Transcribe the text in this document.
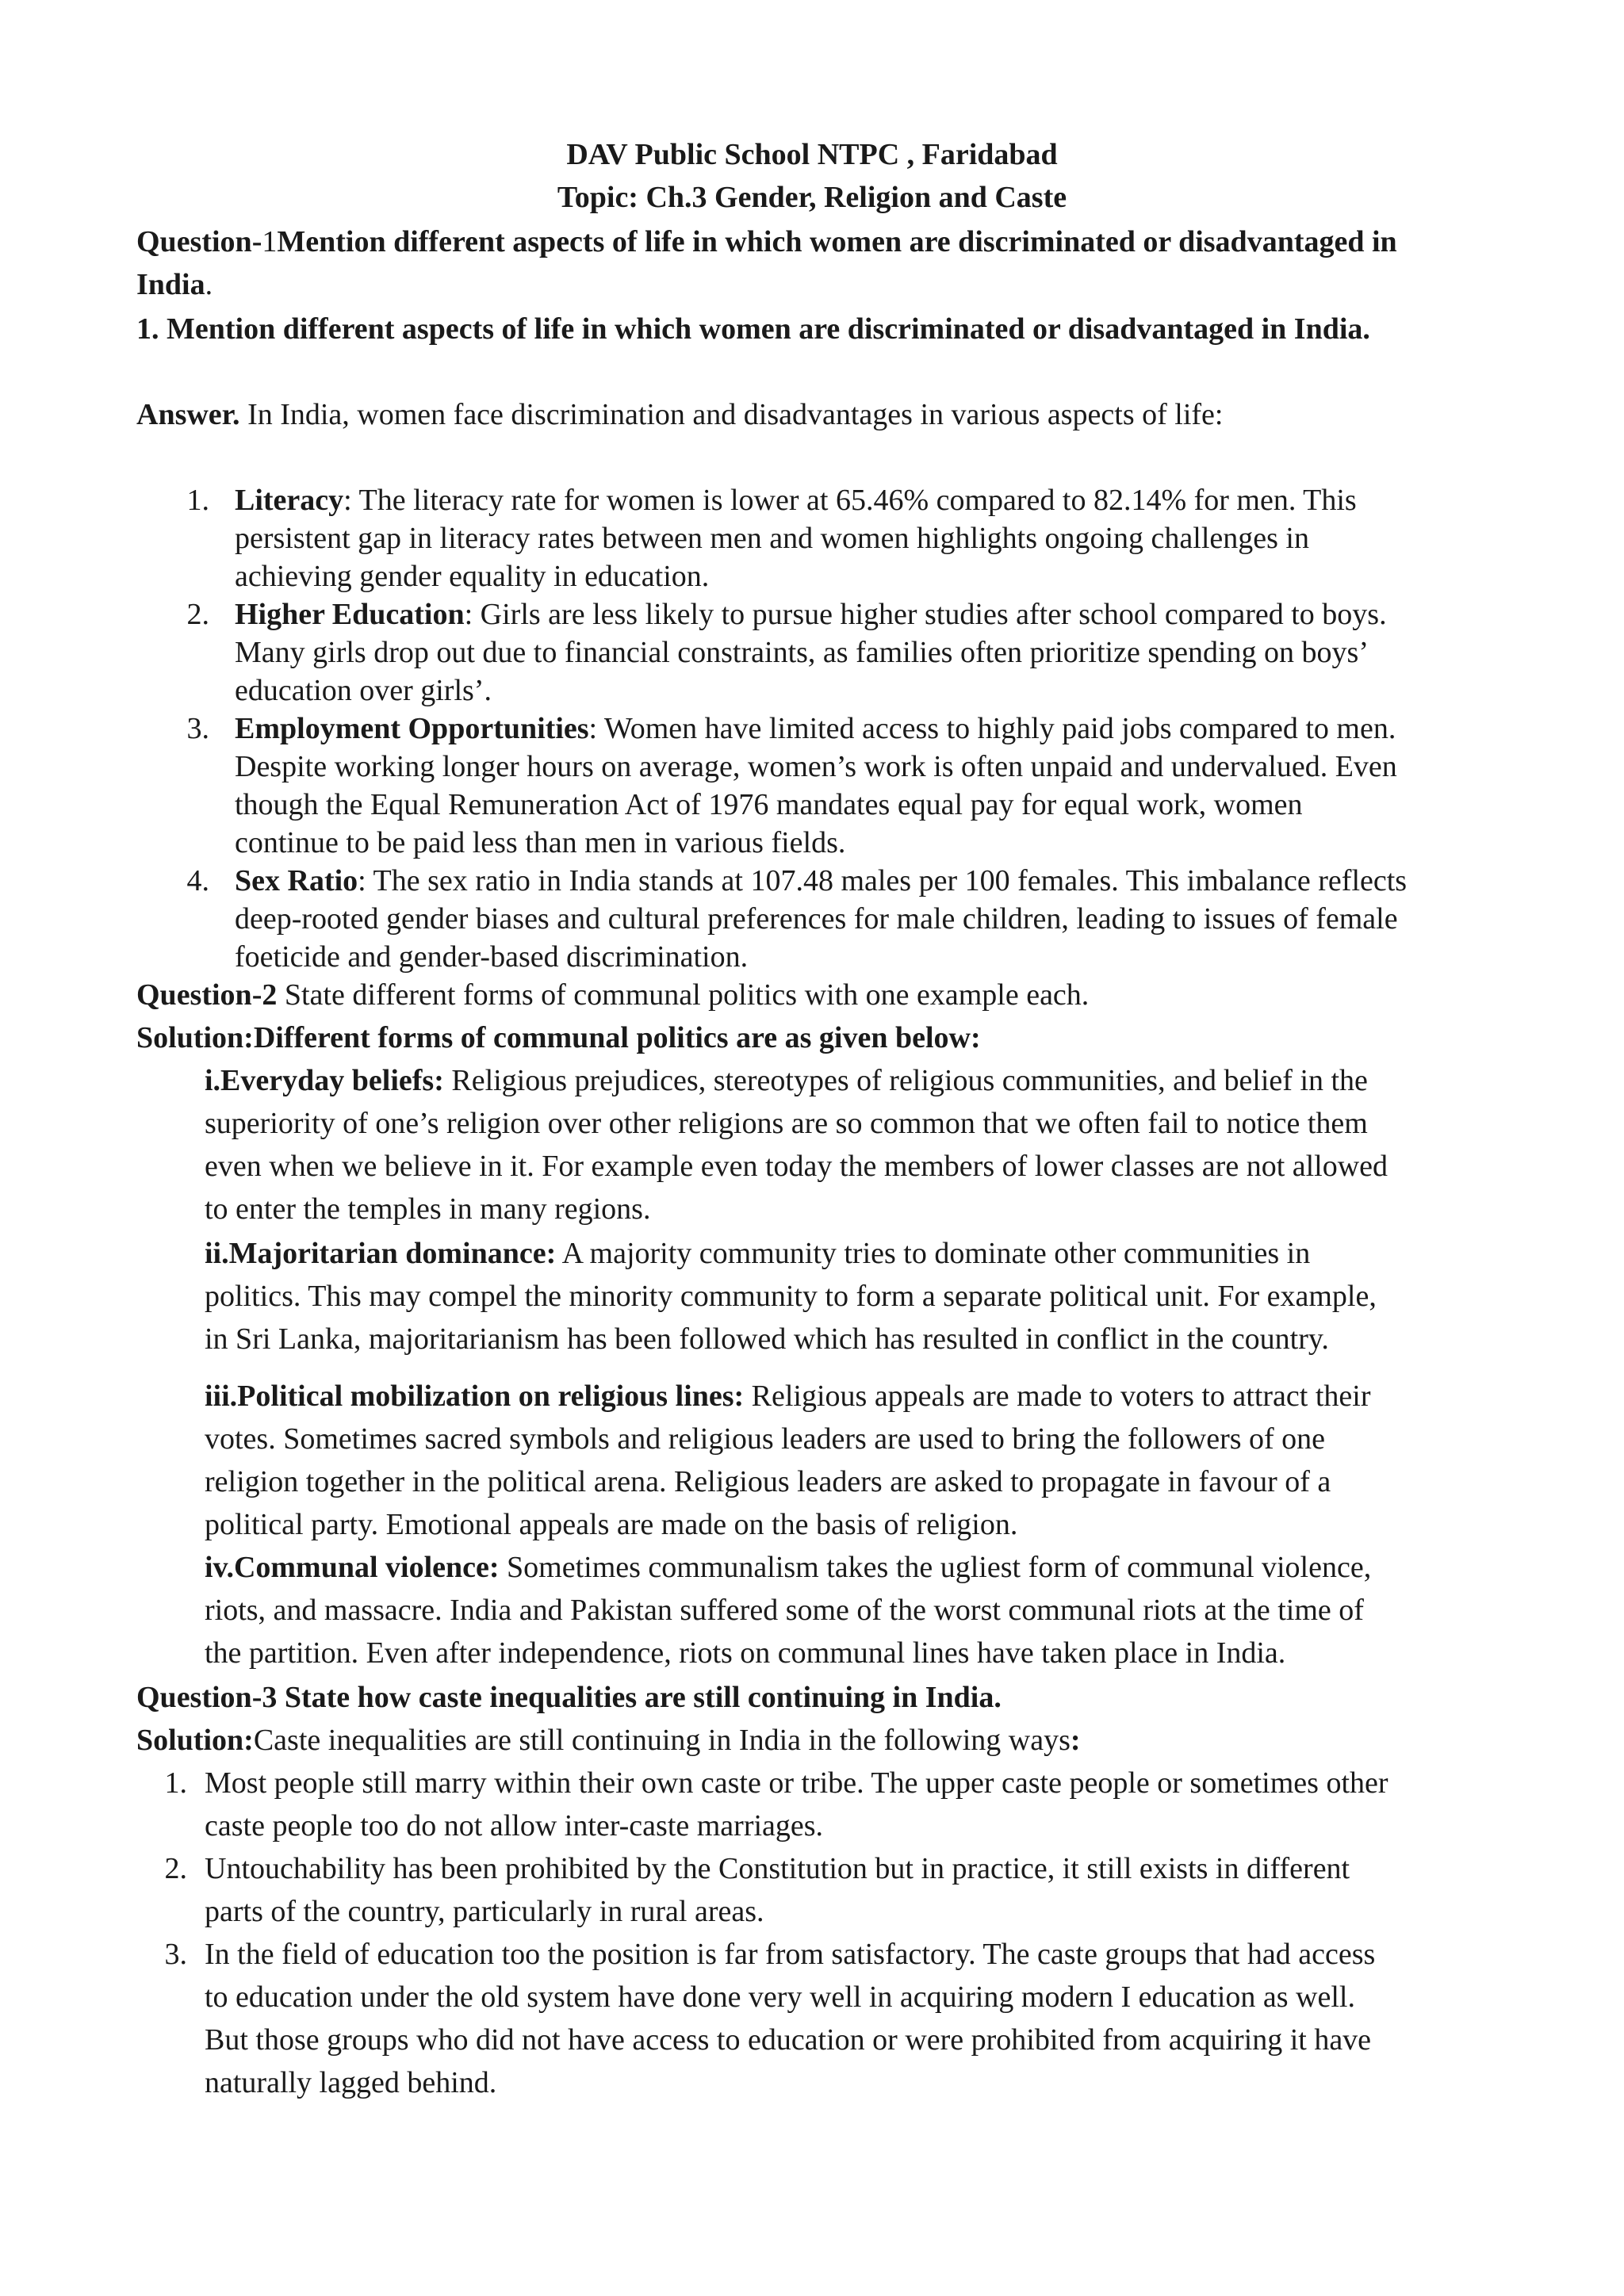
DAV Public School NTPC , Faridabad

Topic: Ch.3 Gender, Religion and Caste

Question-1Mention different aspects of life in which women are discriminated or disadvantaged in

India.

1. Mention different aspects of life in which women are discriminated or disadvantaged in India.

Answer. In India, women face discrimination and disadvantages in various aspects of life:

1. Literacy: The literacy rate for women is lower at 65.46% compared to 82.14% for men. This

persistent gap in literacy rates between men and women highlights ongoing challenges in

achieving gender equality in education.

2. Higher Education: Girls are less likely to pursue higher studies after school compared to boys.

Many girls drop out due to financial constraints, as families often prioritize spending on boys’

education over girls’.

3. Employment Opportunities: Women have limited access to highly paid jobs compared to men.

Despite working longer hours on average, women’s work is often unpaid and undervalued. Even

though the Equal Remuneration Act of 1976 mandates equal pay for equal work, women

continue to be paid less than men in various fields.

4. Sex Ratio: The sex ratio in India stands at 107.48 males per 100 females. This imbalance reflects

deep-rooted gender biases and cultural preferences for male children, leading to issues of female

foeticide and gender-based discrimination.

Question-2 State different forms of communal politics with one example each.

Solution:Different forms of communal politics are as given below:

i.Everyday beliefs: Religious prejudices, stereotypes of religious communities, and belief in the

superiority of one’s religion over other religions are so common that we often fail to notice them

even when we believe in it. For example even today the members of lower classes are not allowed

to enter the temples in many regions.

ii.Majoritarian dominance: A majority community tries to dominate other communities in

politics. This may compel the minority community to form a separate political unit. For example,

in Sri Lanka, majoritarianism has been followed which has resulted in conflict in the country.

iii.Political mobilization on religious lines: Religious appeals are made to voters to attract their

votes. Sometimes sacred symbols and religious leaders are used to bring the followers of one

religion together in the political arena. Religious leaders are asked to propagate in favour of a

political party. Emotional appeals are made on the basis of religion.

iv.Communal violence: Sometimes communalism takes the ugliest form of communal violence,

riots, and massacre. India and Pakistan suffered some of the worst communal riots at the time of

the partition. Even after independence, riots on communal lines have taken place in India.

Question-3 State how caste inequalities are still continuing in India.

Solution:Caste inequalities are still continuing in India in the following ways:

1. Most people still marry within their own caste or tribe. The upper caste people or sometimes other

caste people too do not allow inter-caste marriages.

2. Untouchability has been prohibited by the Constitution but in practice, it still exists in different

parts of the country, particularly in rural areas.

3. In the field of education too the position is far from satisfactory. The caste groups that had access

to education under the old system have done very well in acquiring modern I education as well.

But those groups who did not have access to education or were prohibited from acquiring it have

naturally lagged behind.
